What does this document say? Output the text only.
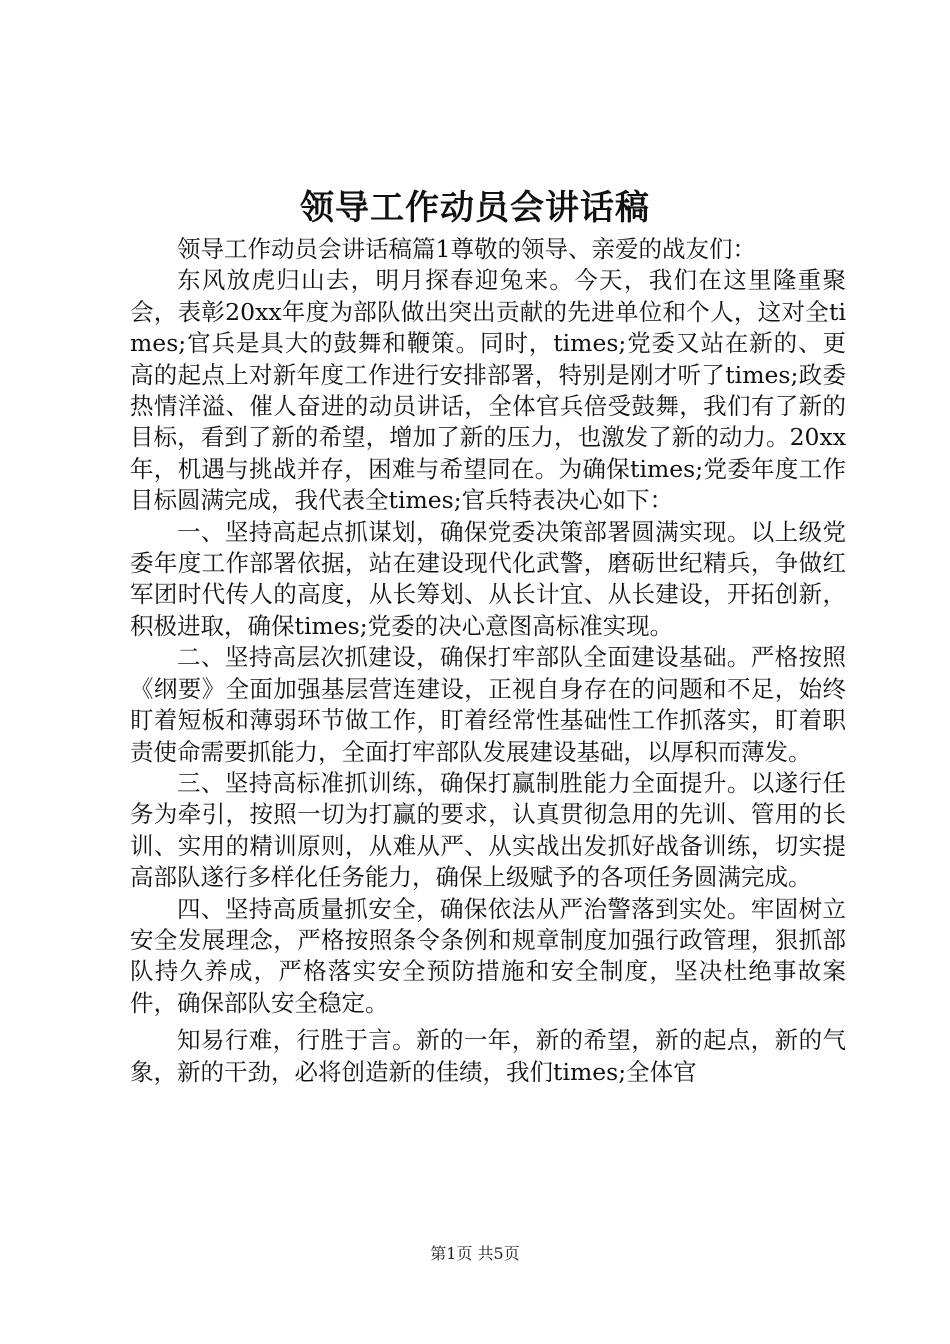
领导工作动员会讲话稿

领导工作动员会讲话稿篇1尊敬的领导、亲爱的战友们：

东风放虎归山去，明月探春迎兔来。今天，我们在这里隆重聚会，表彰20xx年度为部队做出突出贡献的先进单位和个人，这对全times;官兵是具大的鼓舞和鞭策。同时，times;党委又站在新的、更高的起点上对新年度工作进行安排部署，特别是刚才听了times;政委热情洋溢、催人奋进的动员讲话，全体官兵倍受鼓舞，我们有了新的目标，看到了新的希望，增加了新的压力，也激发了新的动力。20xx年，机遇与挑战并存，困难与希望同在。为确保times;党委年度工作目标圆满完成，我代表全times;官兵特表决心如下：

一、坚持高起点抓谋划，确保党委决策部署圆满实现。以上级党委年度工作部署依据，站在建设现代化武警，磨砺世纪精兵，争做红军团时代传人的高度，从长筹划、从长计宜、从长建设，开拓创新，积极进取，确保times;党委的决心意图高标准实现。

二、坚持高层次抓建设，确保打牢部队全面建设基础。严格按照《纲要》全面加强基层营连建设，正视自身存在的问题和不足，始终盯着短板和薄弱环节做工作，盯着经常性基础性工作抓落实，盯着职责使命需要抓能力，全面打牢部队发展建设基础，以厚积而薄发。

三、坚持高标准抓训练，确保打赢制胜能力全面提升。以遂行任务为牵引，按照一切为打赢的要求，认真贯彻急用的先训、管用的长训、实用的精训原则，从难从严、从实战出发抓好战备训练，切实提高部队遂行多样化任务能力，确保上级赋予的各项任务圆满完成。

四、坚持高质量抓安全，确保依法从严治警落到实处。牢固树立安全发展理念，严格按照条令条例和规章制度加强行政管理，狠抓部队持久养成，严格落实安全预防措施和安全制度，坚决杜绝事故案件，确保部队安全稳定。

知易行难，行胜于言。新的一年，新的希望，新的起点，新的气象，新的干劲，必将创造新的佳绩，我们times;全体官

第1页 共5页
